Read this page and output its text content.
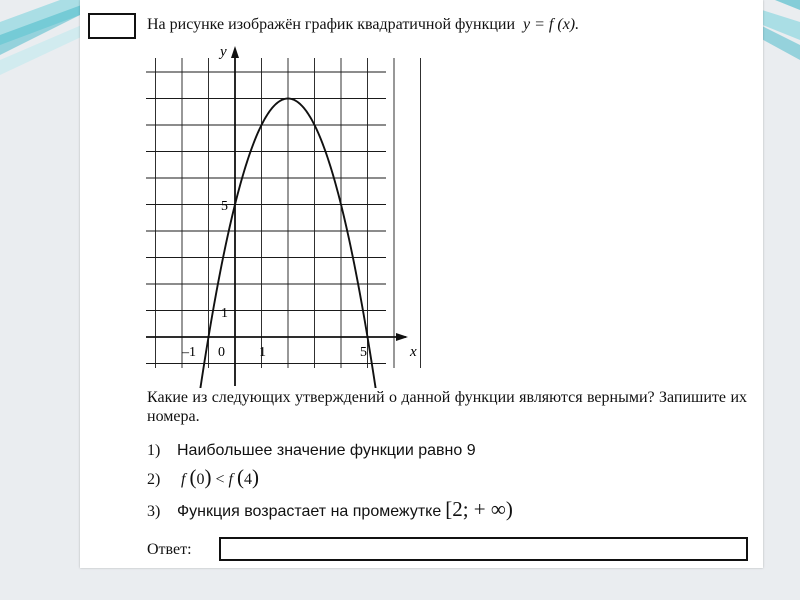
На рисунке изображён график квадратичной функции y = f (x).
y
x
–1 0 1	5
1
5
Какие из следующих утверждений о данной функции являются верными? Запишите их номера.
1) Наибольшее значение функции равно 9
2) f (0) < f (4)
3) Функция возрастает на промежутке [2; + ∞)
Ответ:
